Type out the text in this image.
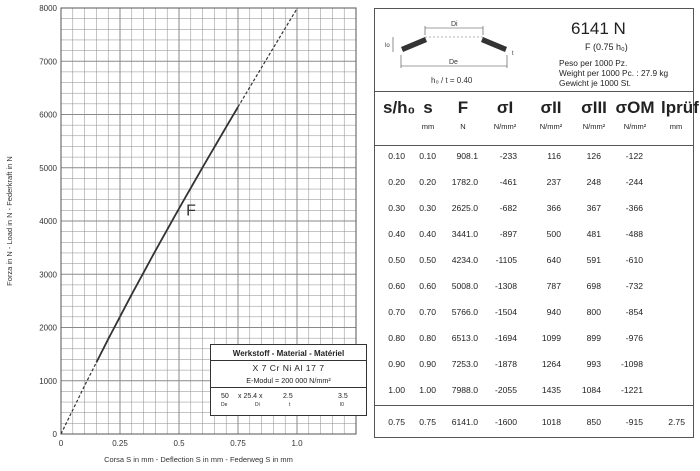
0
1000
2000
3000
4000
5000
6000
7000
8000
0	0.25	0.5	0.75	1.0
Corsa S in mm - Deflection S in mm - Federweg S in mm
Forza in N - Load in N - Federkraft in N	F
Werkstoff - Material - Matériel
X 7 Cr Ni Al 17 7
E-Modul = 200 000 N/mm²
50 x 25.4 x	2.5	3.5
De	Di	t	l0
Di
De
lo
t
h₀ / t = 0.40
6141 N
F (0.75 h₀)
Peso per 1000 Pz.
Weight per 1000 Pc. : 27.9 kg
Gewicht je 1000 St.
s/h₀ s
mm
F
N
σI
N/mm²
σII
N/mm²
σIII
N/mm²
σOM
N/mm²
lprüf
mm
0.10 0.10 908.1	-233	116	126	-122
0.20 0.20 1782.0	-461	237	248	-244
0.30 0.30 2625.0	-682	366	367	-366
0.40 0.40 3441.0	-897	500	481	-488
0.50 0.50 4234.0 -1105	640	591	-610
0.60 0.60 5008.0 -1308	787	698	-732
0.70 0.70 5766.0 -1504	940	800	-854
0.80 0.80 6513.0 -1694	1099	899	-976
0.90 0.90 7253.0 -1878	1264	993 -1098
1.00 1.00 7988.0 -2055	1435 1084 -1221
0.75 0.75 6141.0 -1600	1018	850	-915	2.75
